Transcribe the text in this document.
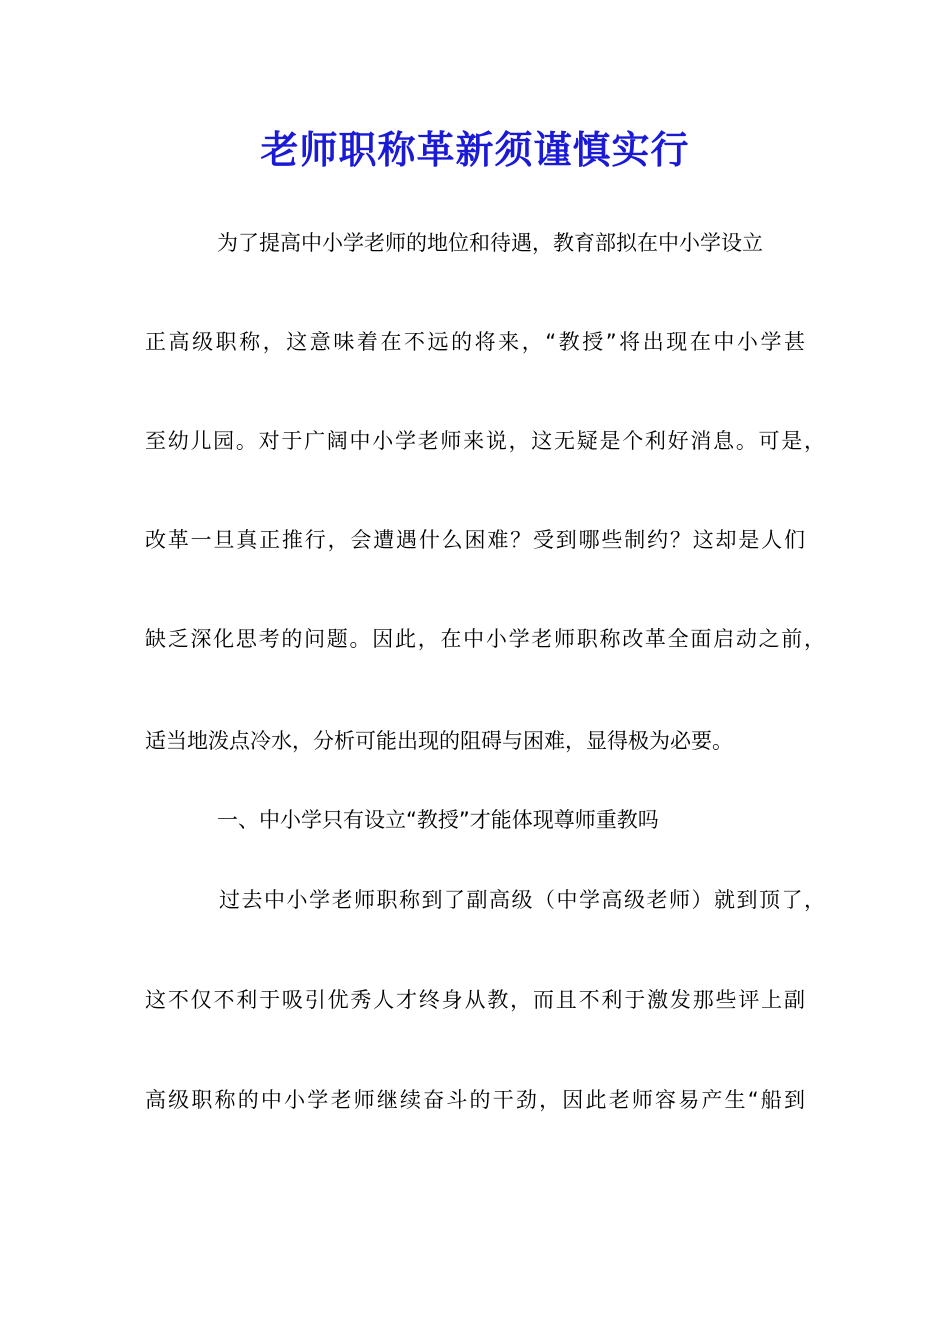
老师职称革新须谨慎实行
为了提高中小学老师的地位和待遇，教育部拟在中小学设立
正高级职称，这意味着在不远的将来，“教授”将出现在中小学甚
至幼儿园。对于广阔中小学老师来说，这无疑是个利好消息。可是，
改革一旦真正推行，会遭遇什么困难？受到哪些制约？这却是人们
缺乏深化思考的问题。因此，在中小学老师职称改革全面启动之前，
适当地泼点冷水，分析可能出现的阻碍与困难，显得极为必要。
一、中小学只有设立“教授”才能体现尊师重教吗
过去中小学老师职称到了副高级（中学高级老师）就到顶了，
这不仅不利于吸引优秀人才终身从教，而且不利于激发那些评上副
高级职称的中小学老师继续奋斗的干劲，因此老师容易产生“船到
